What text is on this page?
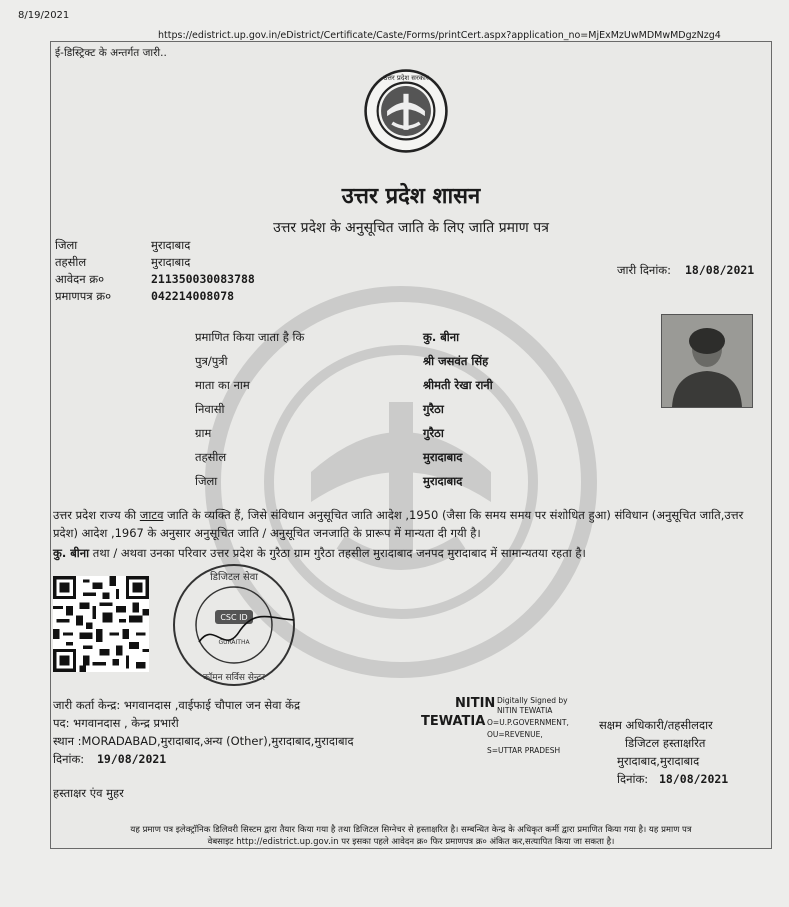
8/19/2021
https://edistrict.up.gov.in/eDistrict/Certificate/Caste/Forms/printCert.aspx?application_no=MjExMzUwMDMwMDgzNzg4
ई-डिस्ट्रिक्ट के अन्तर्गत जारी..
उत्तर प्रदेश सरकार
उत्तर प्रदेश शासन
उत्तर प्रदेश के अनुसूचित जाति के लिए जाति प्रमाण पत्र
जिला
तहसील
आवेदन क्र०
प्रमाणपत्र क्र०
मुरादाबाद
मुरादाबाद
211350030083788
042214008078
जारी दिनांक: 18/08/2021
प्रमाणित किया जाता है कि
पुत्र/पुत्री
माता का नाम
निवासी
ग्राम
तहसील
जिला
कु. बीना
श्री जसवंत सिंह
श्रीमती रेखा रानी
गुरैठा
गुरैठा
मुरादाबाद
मुरादाबाद
उत्तर प्रदेश राज्य की जाटव जाति के व्यक्ति हैं, जिसे संविधान अनुसूचित जाति आदेश ,1950 (जैसा कि समय समय पर संशोधित हुआ) संविधान (अनुसूचित जाति,उत्तर प्रदेश) आदेश ,1967 के अनुसार अनुसूचित जाति / अनुसूचित जनजाति के प्रारूप में मान्यता दी गयी है।
कु. बीना तथा / अथवा उनका परिवार उत्तर प्रदेश के गुरैठा ग्राम गुरैठा तहसील मुरादाबाद जनपद मुरादाबाद में सामान्यतया रहता है।
डिजिटल सेवा
CSC ID
GURAITHA
कॉमन सर्विस सेन्टर
जारी कर्ता केन्द्र: भगवानदास ,वाईफाई चौपाल जन सेवा केंद्र
पद: भगवानदास , केन्द्र प्रभारी
स्थान :MORADABAD,मुरादाबाद,अन्य (Other),मुरादाबाद,मुरादाबाद
दिनांक: 19/08/2021
हस्ताक्षर एंव मुहर
NITIN
TEWATIA
Digitally Signed by
NITIN TEWATIA
O=U.P.GOVERNMENT,
OU=REVENUE,
S=UTTAR PRADESH
सक्षम अधिकारी/तहसीलदार
डिजिटल हस्ताक्षरित
मुरादाबाद,मुरादाबाद
दिनांक: 18/08/2021
यह प्रमाण पत्र इलेक्ट्रॉनिक डिलिवरी सिस्टम द्वारा तैयार किया गया है तथा डिजिटल सिग्नेचर से हस्ताक्षरित है। सम्बन्धित केन्द्र के अधिकृत कर्मी द्वारा प्रमाणित किया गया है। यह प्रमाण पत्र
वेबसाइट http://edistrict.up.gov.in पर इसका पहले आवेदन क्र० फिर प्रमाणपत्र क्र० अंकित कर,सत्यापित किया जा सकता है।
